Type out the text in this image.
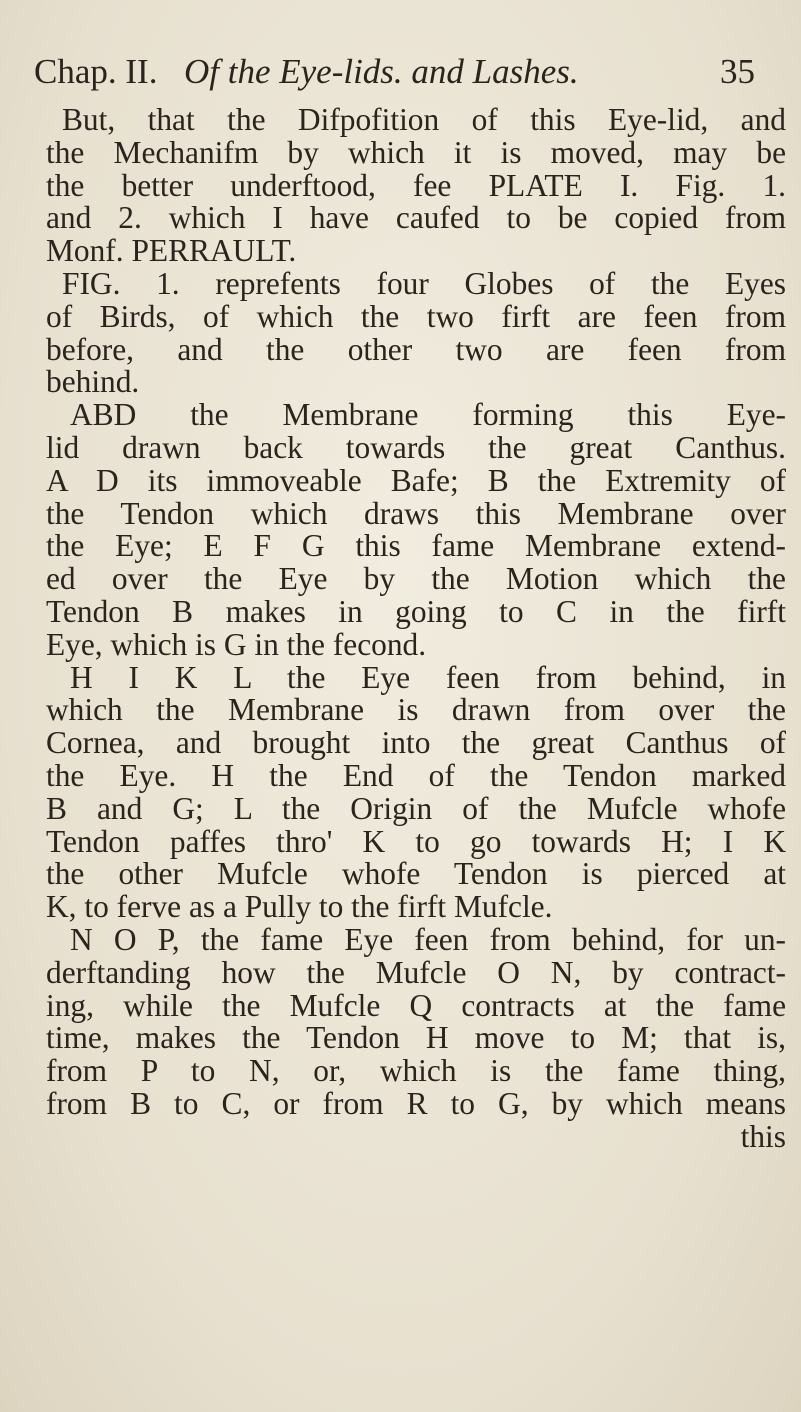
Chap. II. Of the Eye-lids. and Lashes.	35
But, that the Difpofition of this Eye-lid, and
the Mechanifm by which it is moved, may be
the better underftood, fee PLATE I. Fig. 1.
and 2. which I have caufed to be copied from
Monf. PERRAULT.
FIG. 1. reprefents four Globes of the Eyes
of Birds, of which the two firft are feen from
before, and the other two are feen from
behind.
ABD the Membrane forming this Eye-
lid drawn back towards the great Canthus.
A D its immoveable Bafe; B the Extremity of
the Tendon which draws this Membrane over
the Eye; E F G this fame Membrane extend-
ed over the Eye by the Motion which the
Tendon B makes in going to C in the firft
Eye, which is G in the fecond.
H I K L the Eye feen from behind, in
which the Membrane is drawn from over the
Cornea, and brought into the great Canthus of
the Eye. H the End of the Tendon marked
B and G; L the Origin of the Mufcle whofe
Tendon paffes thro' K to go towards H; I K
the other Mufcle whofe Tendon is pierced at
K, to ferve as a Pully to the firft Mufcle.
N O P, the fame Eye feen from behind, for un-
derftanding how the Mufcle O N, by contract-
ing, while the Mufcle Q contracts at the fame
time, makes the Tendon H move to M; that is,
from P to N, or, which is the fame thing,
from B to C, or from R to G, by which means
this
